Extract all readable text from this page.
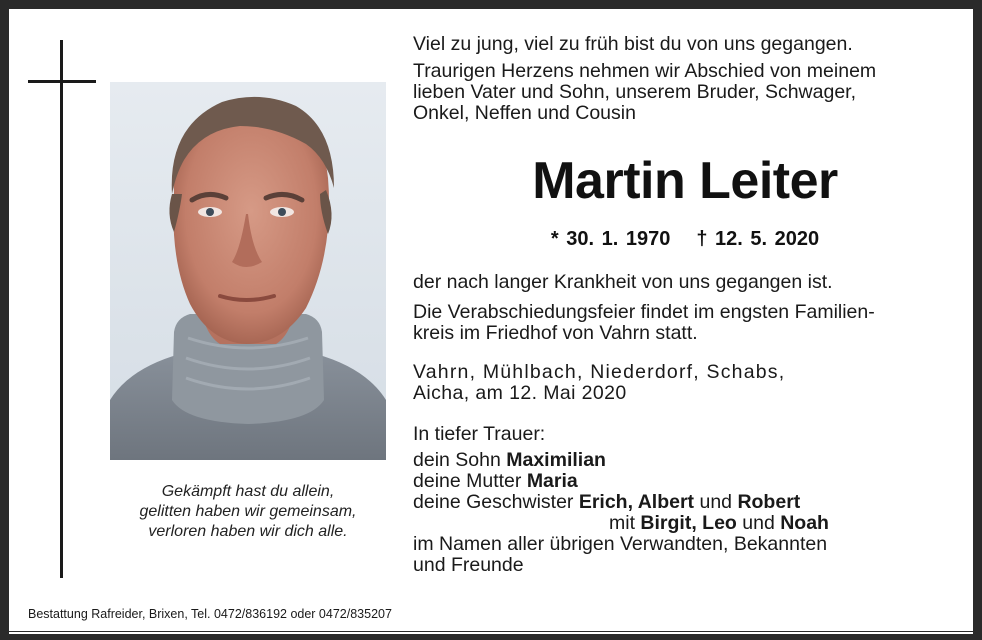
Gekämpft hast du allein,
gelitten haben wir gemeinsam,
verloren haben wir dich alle.
Viel zu jung, viel zu früh bist du von uns gegangen.
Traurigen Herzens nehmen wir Abschied von meinem
lieben Vater und Sohn, unserem Bruder, Schwager,
Onkel, Neffen und Cousin
Martin Leiter
* 30. 1. 1970 † 12. 5. 2020
der nach langer Krankheit von uns gegangen ist.
Die Verabschiedungsfeier findet im engsten Familien-
kreis im Friedhof von Vahrn statt.
Vahrn, Mühlbach, Niederdorf, Schabs,
Aicha, am 12. Mai 2020
In tiefer Trauer:
dein Sohn Maximilian
deine Mutter Maria
deine Geschwister Erich, Albert und Robert
mit Birgit, Leo und Noah
im Namen aller übrigen Verwandten, Bekannten
und Freunde
Bestattung Rafreider, Brixen, Tel. 0472/836192 oder 0472/835207
